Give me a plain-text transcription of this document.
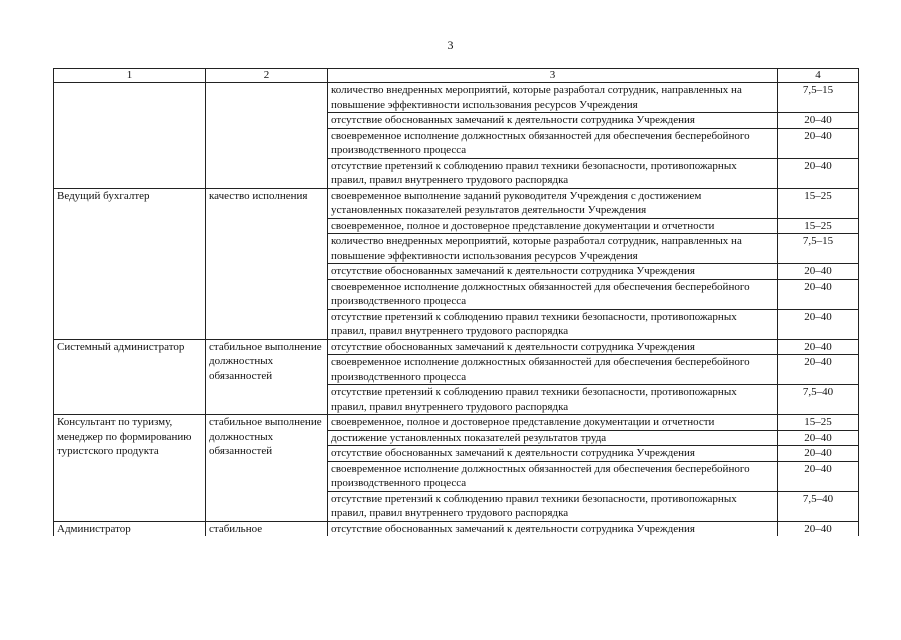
3
1	2	3	4
		количество внедренных мероприятий, которые разработал сотрудник, направленных на повышение эффективности использования ресурсов Учреждения	7,5–15
		отсутствие обоснованных замечаний к деятельности сотрудника Учреждения	20–40
		своевременное исполнение должностных обязанностей для обеспечения бесперебойного производственного процесса	20–40
		отсутствие претензий к соблюдению правил техники безопасности, противопожарных правил, правил внутреннего трудового распорядка	20–40
Ведущий бухгалтер	качество исполнения	своевременное выполнение заданий руководителя Учреждения с достижением установленных показателей результатов деятельности Учреждения	15–25
		своевременное, полное и достоверное представление документации и отчетности	15–25
		количество внедренных мероприятий, которые разработал сотрудник, направленных на повышение эффективности использования ресурсов Учреждения	7,5–15
		отсутствие обоснованных замечаний к деятельности сотрудника Учреждения	20–40
		своевременное исполнение должностных обязанностей для обеспечения бесперебойного производственного процесса	20–40
		отсутствие претензий к соблюдению правил техники безопасности, противопожарных правил, правил внутреннего трудового распорядка	20–40
Системный администратор	стабильное выполнение должностных обязанностей	отсутствие обоснованных замечаний к деятельности сотрудника Учреждения	20–40
		своевременное исполнение должностных обязанностей для обеспечения бесперебойного производственного процесса	20–40
		отсутствие претензий к соблюдению правил техники безопасности, противопожарных правил, правил внутреннего трудового распорядка	7,5–40
Консультант по туризму, менеджер по формированию туристского продукта	стабильное выполнение должностных обязанностей	своевременное, полное и достоверное представление документации и отчетности	15–25
		достижение установленных показателей результатов труда	20–40
		отсутствие обоснованных замечаний к деятельности сотрудника Учреждения	20–40
		своевременное исполнение должностных обязанностей для обеспечения бесперебойного производственного процесса	20–40
		отсутствие претензий к соблюдению правил техники безопасности, противопожарных правил, правил внутреннего трудового распорядка	7,5–40
Администратор	стабильное	отсутствие обоснованных замечаний к деятельности сотрудника Учреждения	20–40
